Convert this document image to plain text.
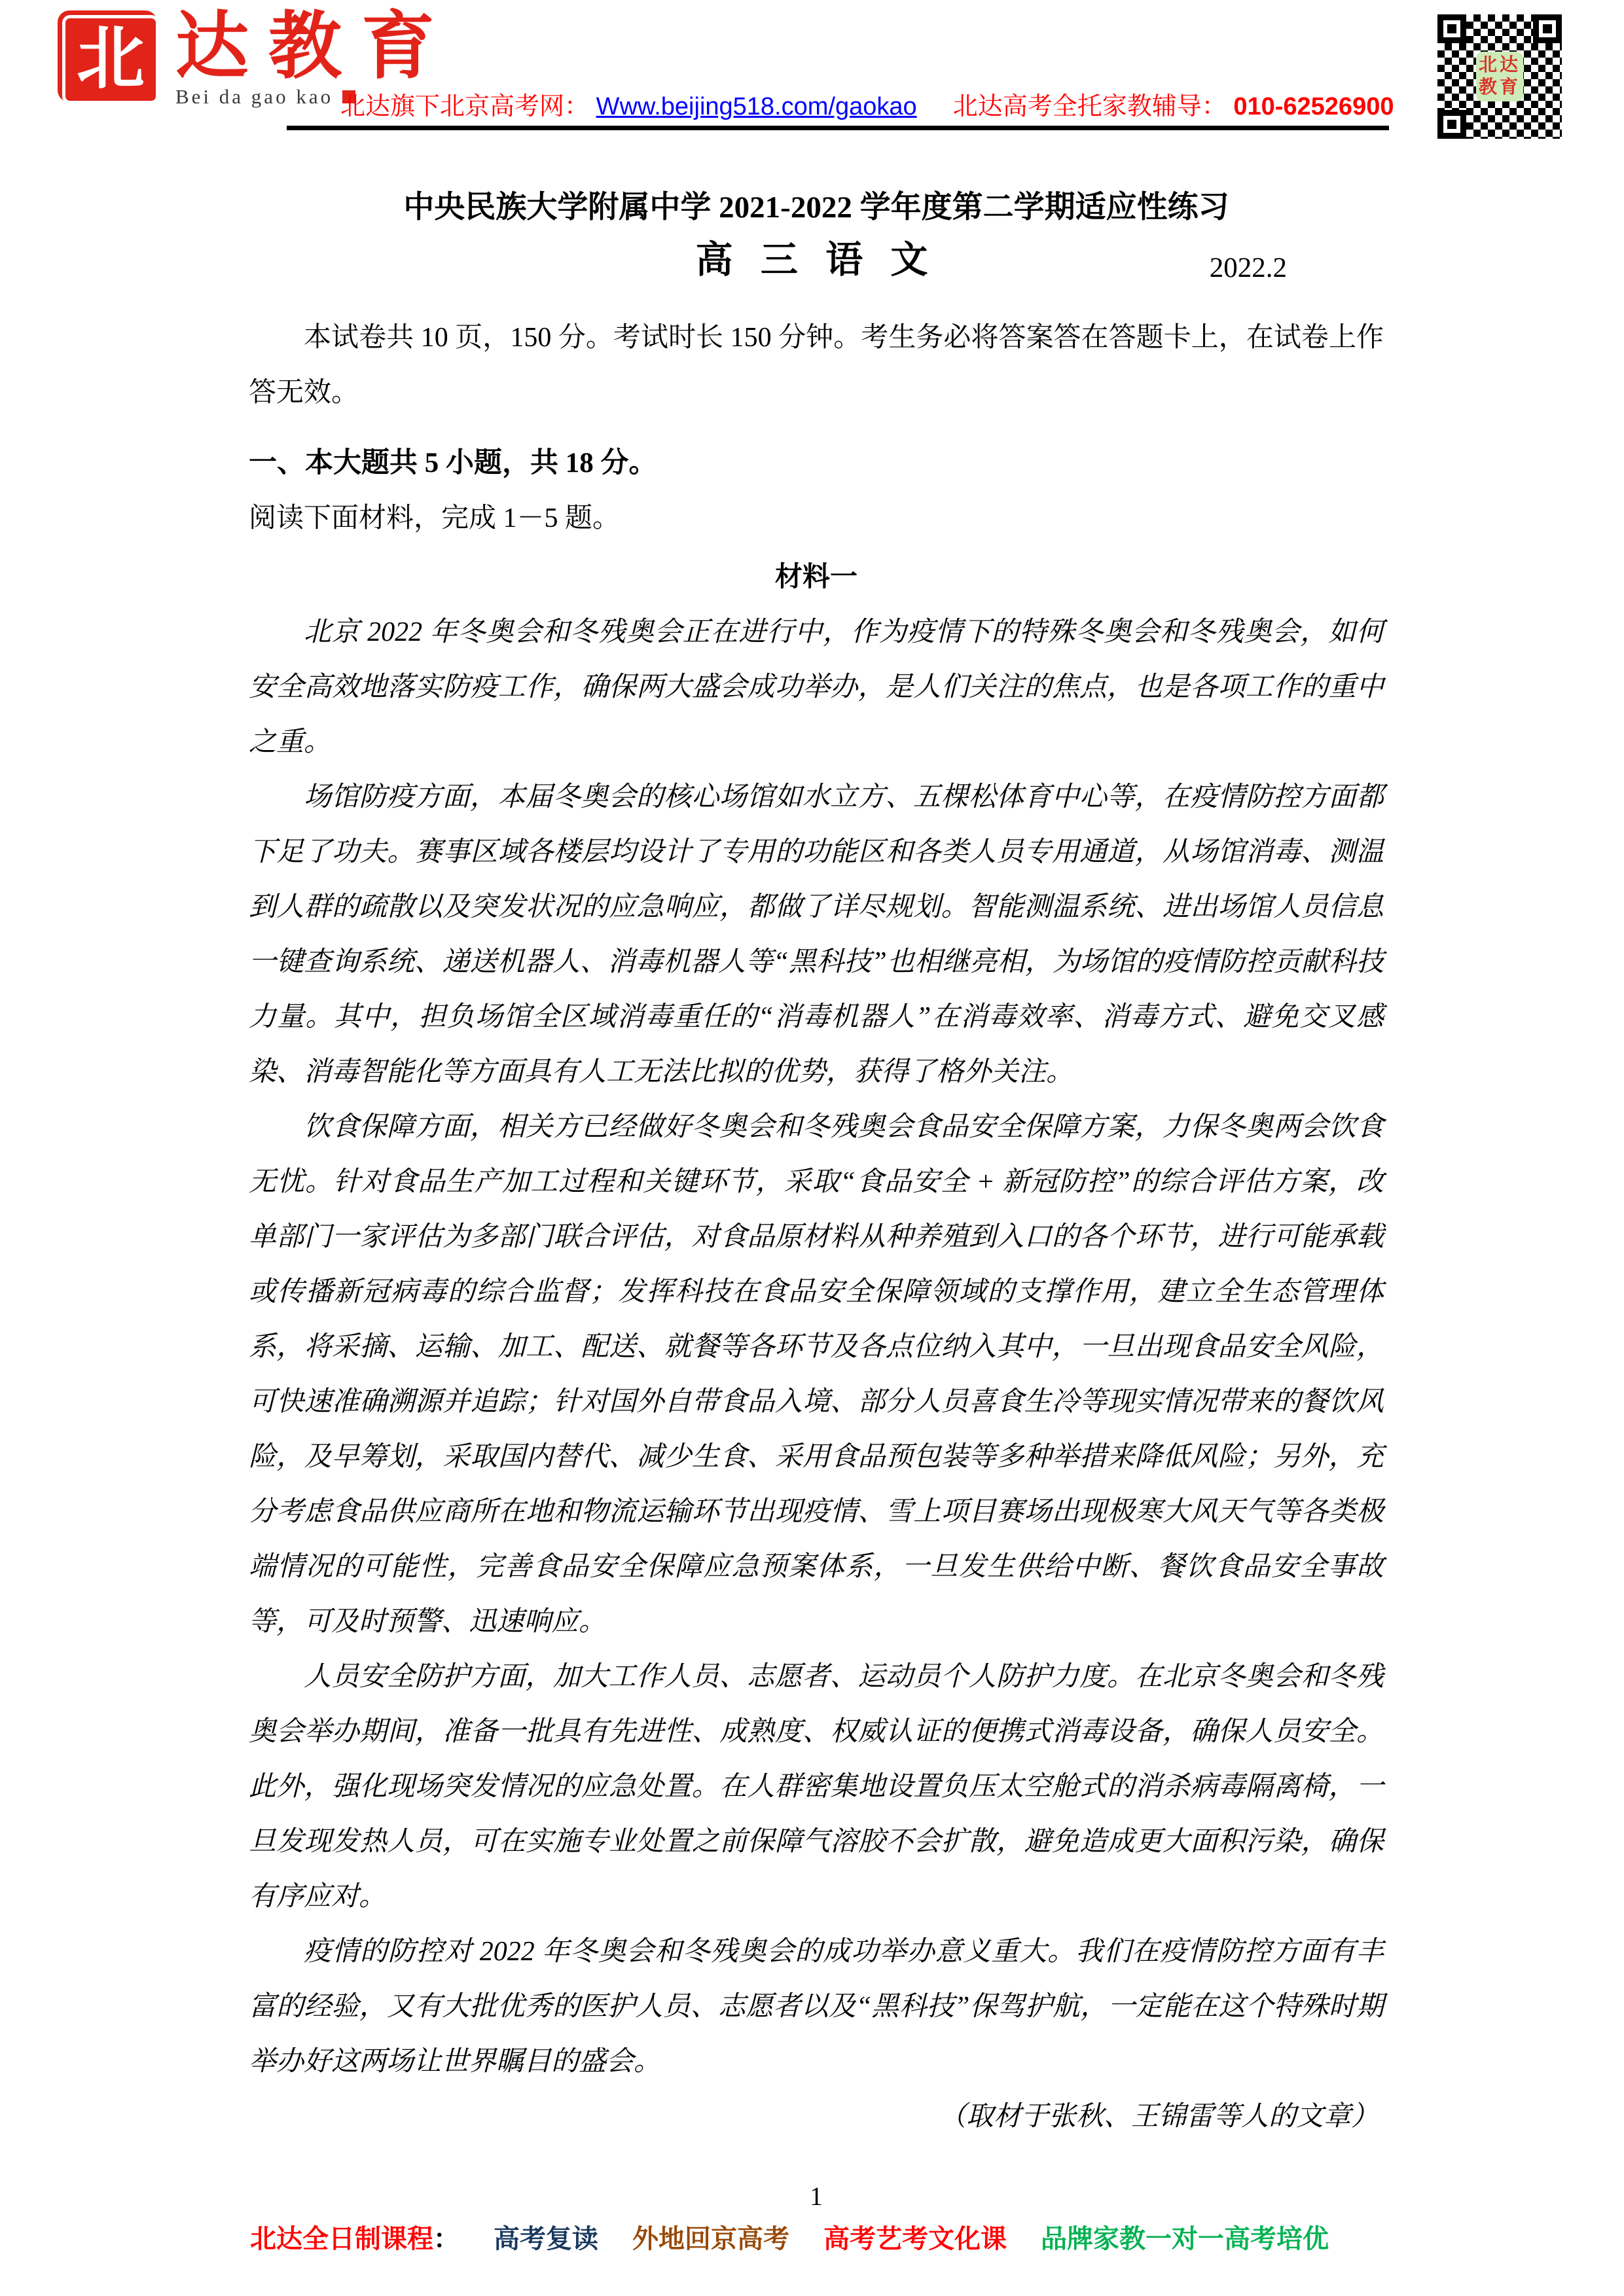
北 达教育
Bei da gao kao 北达旗下北京高考网： Www.beijing518.com/gaokao 北达高考全托家教辅导： 010-62526900
北达教育
中央民族大学附属中学 2021-2022 学年度第二学期适应性练习
高 三 语 文	2022.2
本试卷共 10 页，150 分。考试时长 150 分钟。考生务必将答案答在答题卡上，在试卷上作答无效。
一、本大题共 5 小题，共 18 分。
阅读下面材料，完成 1－5 题。
材料一

北京 2022 年冬奥会和冬残奥会正在进行中，作为疫情下的特殊冬奥会和冬残奥会，如何安全高效地落实防疫工作，确保两大盛会成功举办，是人们关注的焦点，也是各项工作的重中之重。

场馆防疫方面，本届冬奥会的核心场馆如水立方、五棵松体育中心等，在疫情防控方面都下足了功夫。赛事区域各楼层均设计了专用的功能区和各类人员专用通道，从场馆消毒、测温到人群的疏散以及突发状况的应急响应，都做了详尽规划。智能测温系统、进出场馆人员信息一键查询系统、递送机器人、消毒机器人等“黑科技”也相继亮相，为场馆的疫情防控贡献科技力量。其中，担负场馆全区域消毒重任的“消毒机器人”在消毒效率、消毒方式、避免交叉感染、消毒智能化等方面具有人工无法比拟的优势，获得了格外关注。

饮食保障方面，相关方已经做好冬奥会和冬残奥会食品安全保障方案，力保冬奥两会饮食无忧。针对食品生产加工过程和关键环节，采取“食品安全 + 新冠防控”的综合评估方案，改单部门一家评估为多部门联合评估，对食品原材料从种养殖到入口的各个环节，进行可能承载或传播新冠病毒的综合监督；发挥科技在食品安全保障领域的支撑作用，建立全生态管理体系，将采摘、运输、加工、配送、就餐等各环节及各点位纳入其中，一旦出现食品安全风险，可快速准确溯源并追踪；针对国外自带食品入境、部分人员喜食生冷等现实情况带来的餐饮风险，及早筹划，采取国内替代、减少生食、采用食品预包装等多种举措来降低风险；另外，充分考虑食品供应商所在地和物流运输环节出现疫情、雪上项目赛场出现极寒大风天气等各类极端情况的可能性，完善食品安全保障应急预案体系，一旦发生供给中断、餐饮食品安全事故等，可及时预警、迅速响应。

人员安全防护方面，加大工作人员、志愿者、运动员个人防护力度。在北京冬奥会和冬残奥会举办期间，准备一批具有先进性、成熟度、权威认证的便携式消毒设备，确保人员安全。此外，强化现场突发情况的应急处置。在人群密集地设置负压太空舱式的消杀病毒隔离椅，一旦发现发热人员，可在实施专业处置之前保障气溶胶不会扩散，避免造成更大面积污染，确保有序应对。

疫情的防控对 2022 年冬奥会和冬残奥会的成功举办意义重大。我们在疫情防控方面有丰富的经验，又有大批优秀的医护人员、志愿者以及“黑科技”保驾护航，一定能在这个特殊时期举办好这两场让世界瞩目的盛会。

（取材于张秋、王锦雷等人的文章）
1
北达全日制课程： 高考复读 外地回京高考 高考艺考文化课 品牌家教一对一高考培优
